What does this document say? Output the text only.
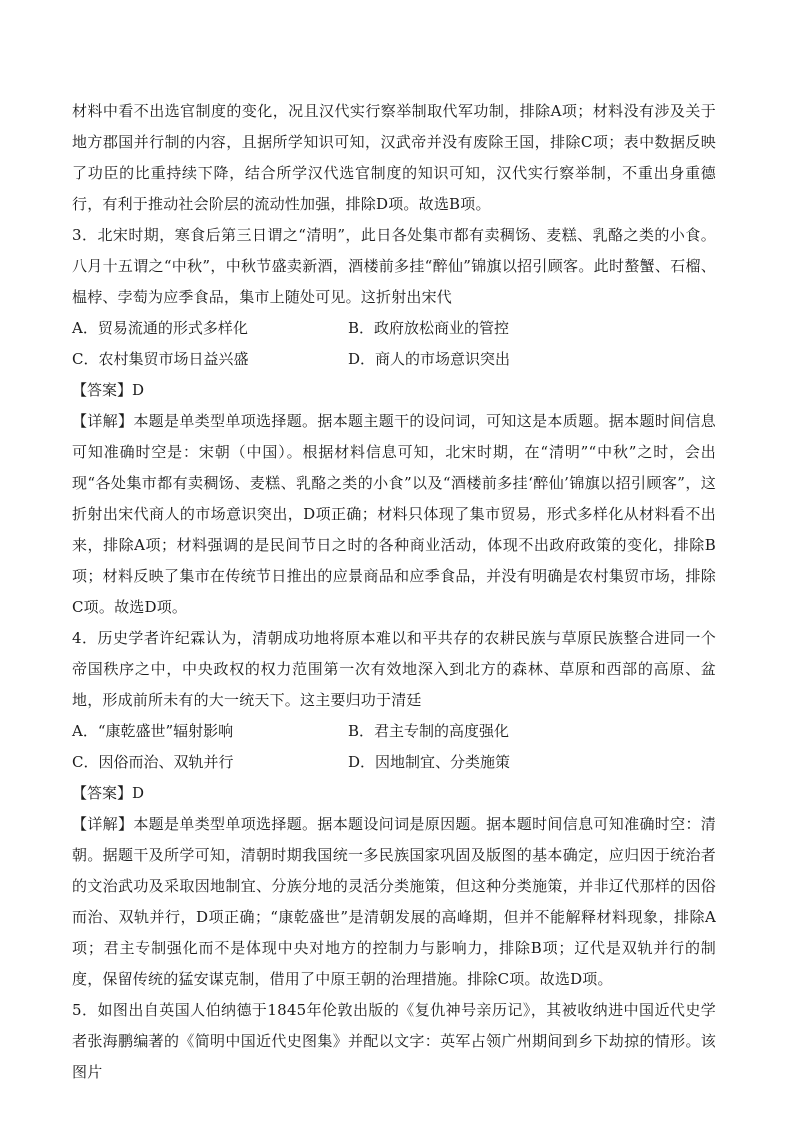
材料中看不出选官制度的变化，况且汉代实行察举制取代军功制，排除A项；材料没有涉及关于地方郡国并行制的内容，且据所学知识可知，汉武帝并没有废除王国，排除C项；表中数据反映了功臣的比重持续下降，结合所学汉代选官制度的知识可知，汉代实行察举制，不重出身重德行，有利于推动社会阶层的流动性加强，排除D项。故选B项。

3．北宋时期，寒食后第三日谓之“清明”，此日各处集市都有卖稠饧、麦糕、乳酪之类的小食。八月十五谓之“中秋”，中秋节盛卖新酒，酒楼前多挂“醉仙”锦旗以招引顾客。此时螯蟹、石榴、榅桲、孛萄为应季食品，集市上随处可见。这折射出宋代

A．贸易流通的形式多样化	B．政府放松商业的管控
C．农村集贸市场日益兴盛	D．商人的市场意识突出

【答案】D

【详解】本题是单类型单项选择题。据本题主题干的设问词，可知这是本质题。据本题时间信息可知准确时空是：宋朝（中国）。根据材料信息可知，北宋时期，在“清明”“中秋”之时，会出现“各处集市都有卖稠饧、麦糕、乳酪之类的小食”以及“酒楼前多挂‘醉仙’锦旗以招引顾客”，这折射出宋代商人的市场意识突出，D项正确；材料只体现了集市贸易，形式多样化从材料看不出来，排除A项；材料强调的是民间节日之时的各种商业活动，体现不出政府政策的变化，排除B项；材料反映了集市在传统节日推出的应景商品和应季食品，并没有明确是农村集贸市场，排除C项。故选D项。

4．历史学者许纪霖认为，清朝成功地将原本难以和平共存的农耕民族与草原民族整合进同一个帝国秩序之中，中央政权的权力范围第一次有效地深入到北方的森林、草原和西部的高原、盆地，形成前所未有的大一统天下。这主要归功于清廷

A．“康乾盛世”辐射影响	B．君主专制的高度强化
C．因俗而治、双轨并行	D．因地制宜、分类施策

【答案】D

【详解】本题是单类型单项选择题。据本题设问词是原因题。据本题时间信息可知准确时空：清朝。据题干及所学可知，清朝时期我国统一多民族国家巩固及版图的基本确定，应归因于统治者的文治武功及采取因地制宜、分族分地的灵活分类施策，但这种分类施策，并非辽代那样的因俗而治、双轨并行，D项正确；“康乾盛世”是清朝发展的高峰期，但并不能解释材料现象，排除A项；君主专制强化而不是体现中央对地方的控制力与影响力，排除B项；辽代是双轨并行的制度，保留传统的猛安谋克制，借用了中原王朝的治理措施。排除C项。故选D项。

5．如图出自英国人伯纳德于1845年伦敦出版的《复仇神号亲历记》，其被收纳进中国近代史学者张海鹏编著的《简明中国近代史图集》并配以文字：英军占领广州期间到乡下劫掠的情形。该图片
